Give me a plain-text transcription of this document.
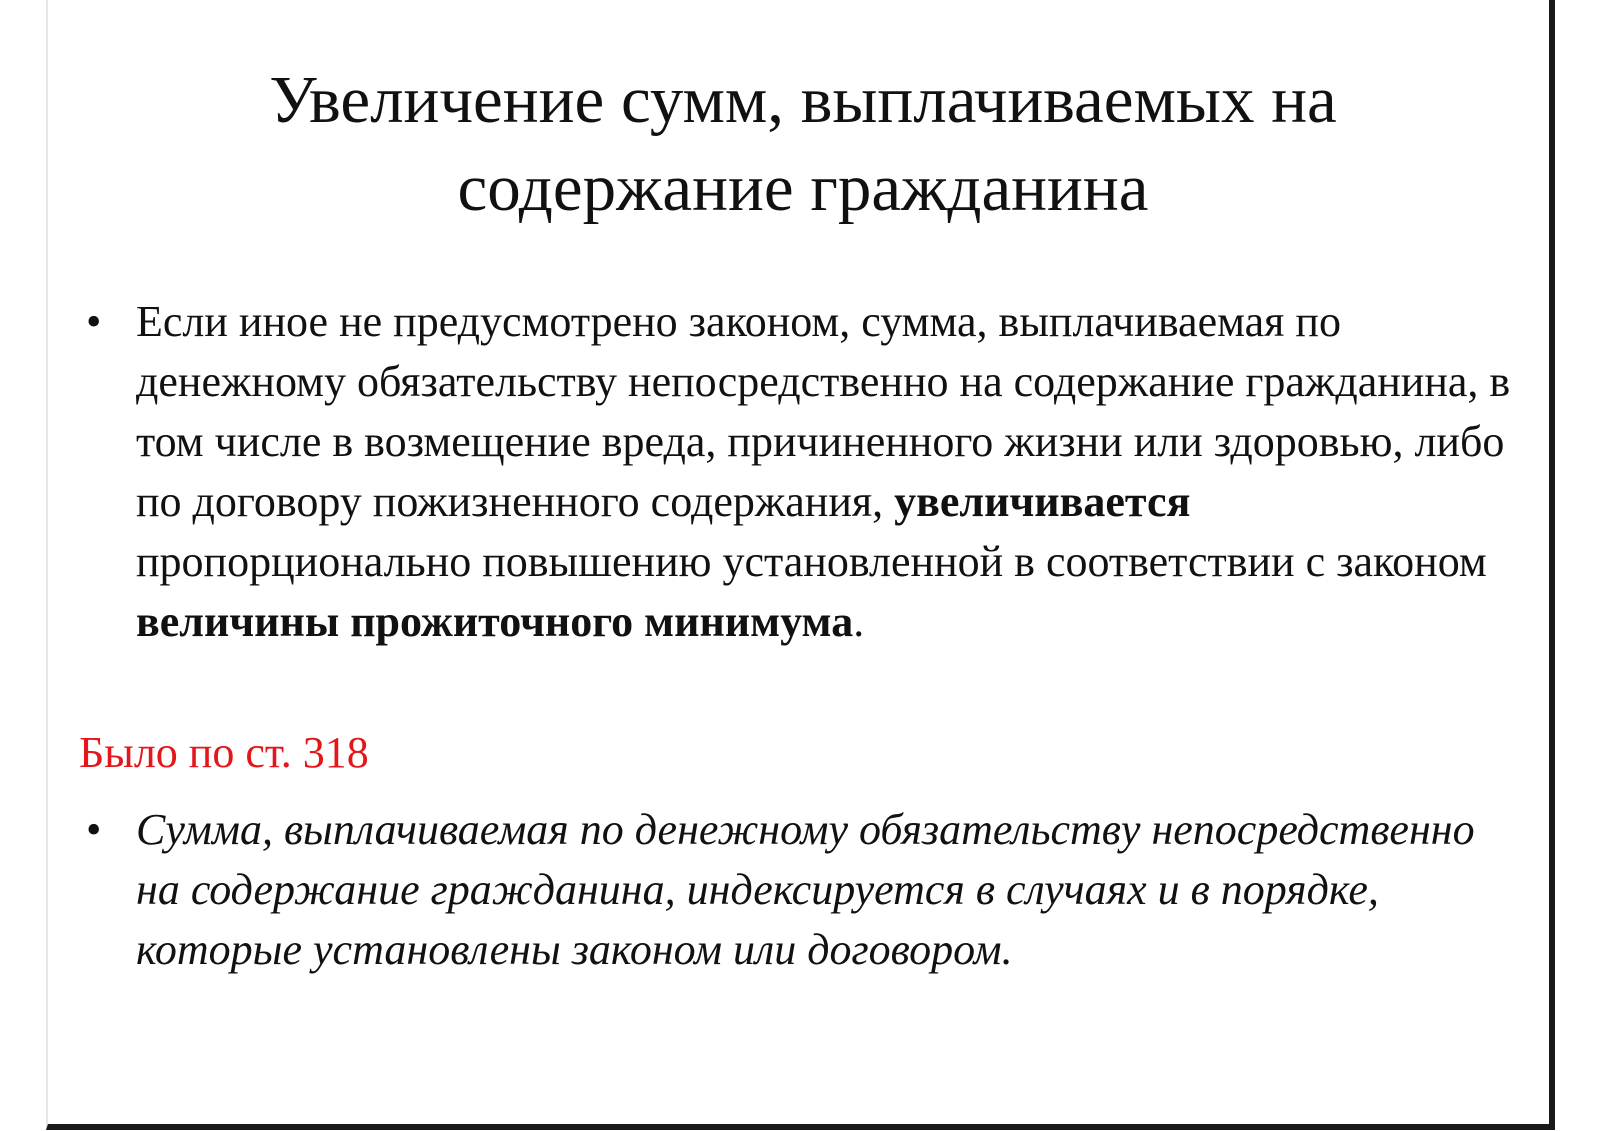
Увеличение сумм, выплачиваемых на
содержание гражданина

• Если иное не предусмотрено законом, сумма, выплачиваемая по денежному обязательству непосредственно на содержание гражданина, в том числе в возмещение вреда, причиненного жизни или здоровью, либо по договору пожизненного содержания, увеличивается пропорционально повышению установленной в соответствии с законом величины прожиточного минимума.

Было по ст. 318

• Сумма, выплачиваемая по денежному обязательству непосредственно на содержание гражданина, индексируется в случаях и в порядке, которые установлены законом или договором.
